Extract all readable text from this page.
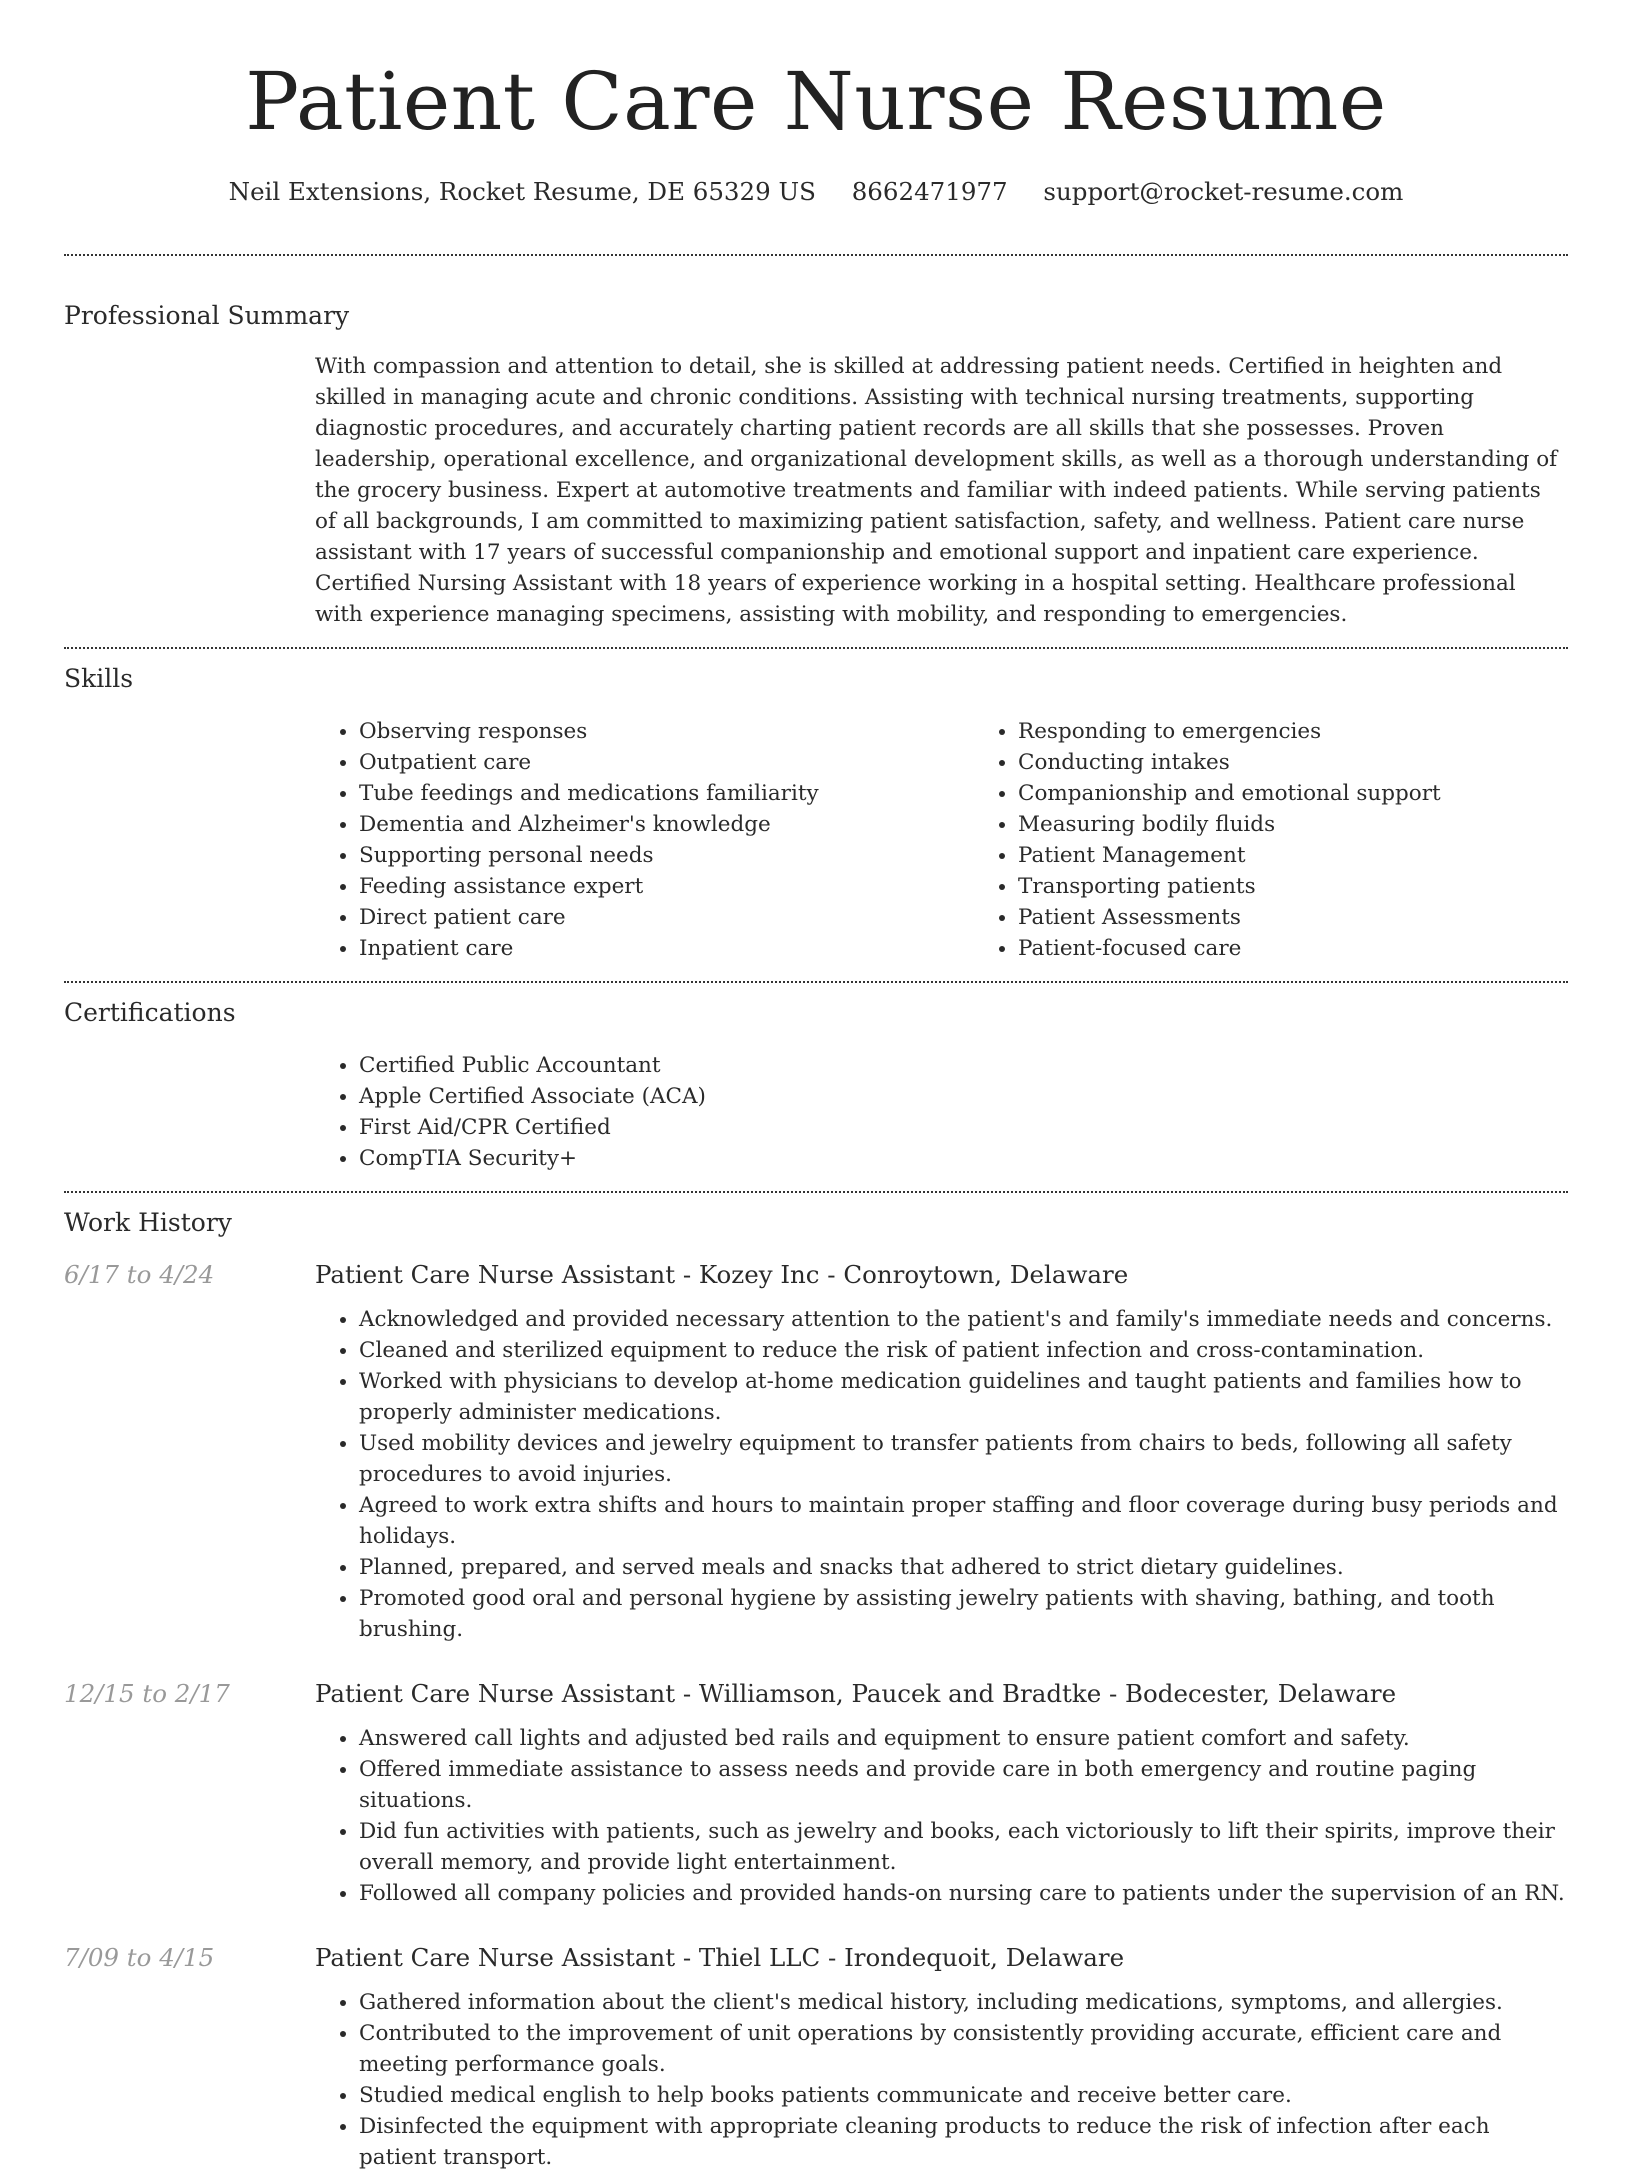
Patient Care Nurse Resume
Neil Extensions, Rocket Resume, DE 65329 US 8662471977 support@rocket-resume.com
Professional Summary
With compassion and attention to detail, she is skilled at addressing patient needs. Certified in heighten and skilled in managing acute and chronic conditions. Assisting with technical nursing treatments, supporting diagnostic procedures, and accurately charting patient records are all skills that she possesses. Proven leadership, operational excellence, and organizational development skills, as well as a thorough understanding of the grocery business. Expert at automotive treatments and familiar with indeed patients. While serving patients of all backgrounds, I am committed to maximizing patient satisfaction, safety, and wellness. Patient care nurse assistant with 17 years of successful companionship and emotional support and inpatient care experience. Certified Nursing Assistant with 18 years of experience working in a hospital setting. Healthcare professional with experience managing specimens, assisting with mobility, and responding to emergencies.
Skills
• Observing responses
• Outpatient care
• Tube feedings and medications familiarity
• Dementia and Alzheimer's knowledge
• Supporting personal needs
• Feeding assistance expert
• Direct patient care
• Inpatient care
• Responding to emergencies
• Conducting intakes
• Companionship and emotional support
• Measuring bodily fluids
• Patient Management
• Transporting patients
• Patient Assessments
• Patient-focused care
Certifications
• Certified Public Accountant
• Apple Certified Associate (ACA)
• First Aid/CPR Certified
• CompTIA Security+
Work History
6/17 to 4/24	Patient Care Nurse Assistant - Kozey Inc - Conroytown, Delaware
• Acknowledged and provided necessary attention to the patient's and family's immediate needs and concerns.
• Cleaned and sterilized equipment to reduce the risk of patient infection and cross-contamination.
• Worked with physicians to develop at-home medication guidelines and taught patients and families how to properly administer medications.
• Used mobility devices and jewelry equipment to transfer patients from chairs to beds, following all safety procedures to avoid injuries.
• Agreed to work extra shifts and hours to maintain proper staffing and floor coverage during busy periods and holidays.
• Planned, prepared, and served meals and snacks that adhered to strict dietary guidelines.
• Promoted good oral and personal hygiene by assisting jewelry patients with shaving, bathing, and tooth brushing.
12/15 to 2/17	Patient Care Nurse Assistant - Williamson, Paucek and Bradtke - Bodecester, Delaware
• Answered call lights and adjusted bed rails and equipment to ensure patient comfort and safety.
• Offered immediate assistance to assess needs and provide care in both emergency and routine paging situations.
• Did fun activities with patients, such as jewelry and books, each victoriously to lift their spirits, improve their overall memory, and provide light entertainment.
• Followed all company policies and provided hands-on nursing care to patients under the supervision of an RN.
7/09 to 4/15	Patient Care Nurse Assistant - Thiel LLC - Irondequoit, Delaware
• Gathered information about the client's medical history, including medications, symptoms, and allergies.
• Contributed to the improvement of unit operations by consistently providing accurate, efficient care and meeting performance goals.
• Studied medical english to help books patients communicate and receive better care.
• Disinfected the equipment with appropriate cleaning products to reduce the risk of infection after each patient transport.
